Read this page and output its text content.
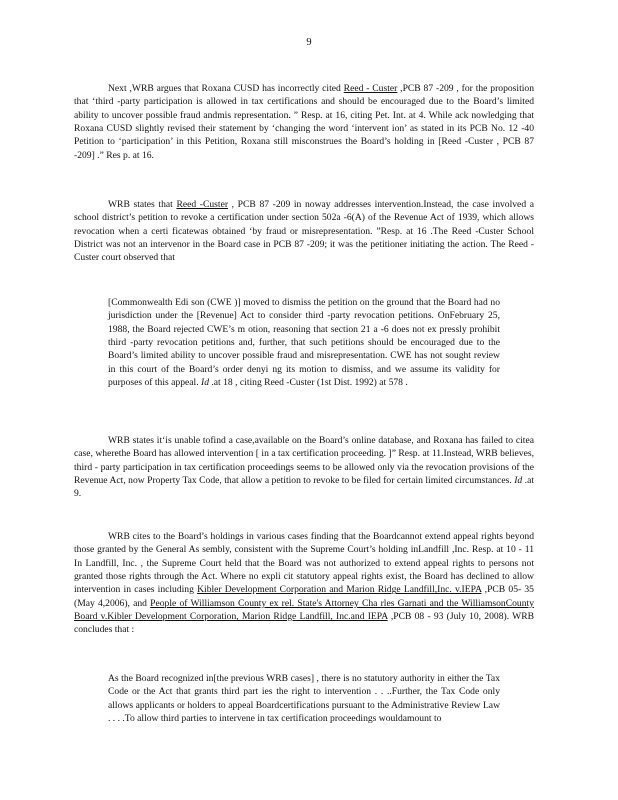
9

Next ,WRB argues that Roxana CUSD has incorrectly cited Reed - Custer ,PCB 87 -209 , for the proposition that ‘third -party participation is allowed in tax certifications and should be encouraged due to the Board’s limited ability to uncover possible fraud andmis representation. ” Resp. at 16, citing Pet. Int. at 4. While ack nowledging that Roxana CUSD slightly revised their statement by ‘changing the word ‘intervent ion’ as stated in its PCB No. 12 -40 Petition to ‘participation’ in this Petition, Roxana still misconstrues the Board’s holding in [Reed -Custer , PCB 87 -209] .” Res p. at 16.

WRB states that Reed -Custer , PCB 87 -209 in noway addresses intervention.Instead, the case involved a school district’s petition to revoke a certification under section 502a -6(A) of the Revenue Act of 1939, which allows revocation when a certi ficatewas obtained ‘by fraud or misrepresentation. ”Resp. at 16 .The Reed -Custer School District was not an intervenor in the Board case in PCB 87 -209; it was the petitioner initiating the action. The Reed -Custer court observed that

[Commonwealth Edi son (CWE )] moved to dismiss the petition on the ground that the Board had no jurisdiction under the [Revenue] Act to consider third -party revocation petitions. OnFebruary 25, 1988, the Board rejected CWE’s m otion, reasoning that section 21 a -6 does not ex pressly prohibit third -party revocation petitions and, further, that such petitions should be encouraged due to the Board’s limited ability to uncover possible fraud and misrepresentation. CWE has not sought review in this court of the Board’s order denyi ng its motion to dismiss, and we assume its validity for purposes of this appeal. Id .at 18 , citing Reed -Custer (1st Dist. 1992) at 578 .

WRB states it‘is unable tofind a case,available on the Board’s online database, and Roxana has failed to citea case, wherethe Board has allowed intervention [ in a tax certification proceeding. ]” Resp. at 11.Instead, WRB believes, third - party participation in tax certification proceedings seems to be allowed only via the revocation provisions of the Revenue Act, now Property Tax Code, that allow a petition to revoke to be filed for certain limited circumstances. Id .at 9.

WRB cites to the Board’s holdings in various cases finding that the Boardcannot extend appeal rights beyond those granted by the General As sembly, consistent with the Supreme Court’s holding inLandfill ,Inc. Resp. at 10 - 11 In Landfill, Inc. , the Supreme Court held that the Board was not authorized to extend appeal rights to persons not granted those rights through the Act. Where no expli cit statutory appeal rights exist, the Board has declined to allow intervention in cases including Kibler Development Corporation and Marion Ridge Landfill,Inc. v.IEPA ,PCB 05- 35 (May 4,2006), and People of Williamson County ex rel. State's Attorney Cha rles Garnati and the WilliamsonCounty Board v.Kibler Development Corporation, Marion Ridge Landfill, Inc.and IEPA ,PCB 08 - 93 (July 10, 2008). WRB concludes that :

As the Board recognized in[the previous WRB cases] , there is no statutory authority in either the Tax Code or the Act that grants third part ies the right to intervention . . ..Further, the Tax Code only allows applicants or holders to appeal Boardcertifications pursuant to the Administrative Review Law . . . .To allow third parties to intervene in tax certification proceedings wouldamount to
